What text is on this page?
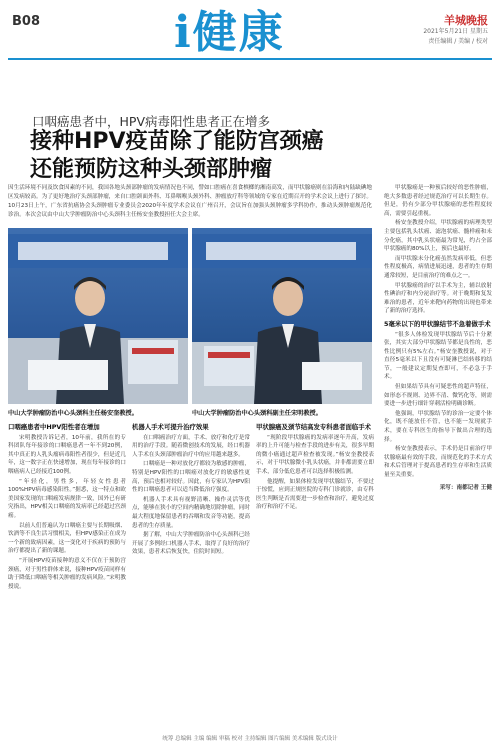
B08	i健康	羊城晚报
2021年5月21日 星期五
责任编辑 / 美编 / 校对
口咽癌患者中，HPV病毒阳性患者正在增多
接种HPV疫苗除了能防宫颈癌
还能预防这种头颈部肿瘤
因生活环境不同及饮食因素的不同，我国各地头颈部肿瘤的发病情况也不同，譬如口腔癌在喜食槟榔的湘南高发，而甲状腺癌则在沿海和内陆缺碘地区发病较高。为了更好地治疗头颈部肿瘤，来自口腔颌面外科、耳鼻咽喉头颈外科、肿瘤放疗科等领域的专家在近期召开的学术会议上进行了探讨。10月23日上午，广东省抗癌协会头颈肿瘤专业委员会2020年年度学术会议在广州召开，会议旨在加强头颈肿瘤多学科协作，推动头颈肿瘤规范化诊治。本次会议由中山大学肿瘤防治中心头颈科主任杨安奎教授担任大会主席。
中山大学肿瘤防治中心头颈科主任杨安奎教授。	中山大学肿瘤防治中心头颈科副主任宋明教授。
口咽癌患者中HPV阳性者在增加

宋明教授告诉记者，10年前，我所在的专科团队每年接诊的口咽癌患者一年不到20例，其中真正的人乳头瘤病毒阳性者很少，但是近几年，这一数字正在快速增加，现在每年接诊的口咽癌病人已经接近100例。

“年轻化，男性多，年轻女性患者100%HPV病毒感染阳性。”据悉，这一特点和欧美国家发现的口咽癌发病规律一致，国外已有研究指出，HPV相关口咽癌的发病率已经超过宫颈癌。

以前人们普遍认为口咽癌主要与长期吸烟、饮酒等不良生活习惯相关，但HPV感染正在成为一个新的致病因素，这一变化对于疾病的预防与治疗都提出了新的课题。

“开展HPV疫苗接种的意义不仅在于预防宫颈癌，对于男性群体来说，接种HPV疫苗同样有助于降低口咽癌等相关肿瘤的发病风险。”宋明教授说。

机器人手术可提升治疗效果

在口咽癌治疗方面，手术、放疗和化疗是常用的治疗手段。随着微创技术的发展，经口机器人手术在头颈部肿瘤治疗中的应用越来越多。

口咽癌是一种对放化疗都较为敏感的肿瘤，特别是HPV阳性的口咽癌对放化疗的敏感性更高，预后也相对较好。因此，有专家认为HPV阳性的口咽癌患者可以适当降低治疗强度。

机器人手术具有视野清晰、操作灵活等优点，能够在狭小的空间内精确地切除肿瘤，同时最大程度地保留患者的吞咽和发音等功能，提高患者的生存质量。

据了解，中山大学肿瘤防治中心头颈科已经开展了多例经口机器人手术，取得了良好的治疗效果，患者术后恢复快，住院时间短。

甲状腺癌及颈节结高发专科患者面临手术

“现阶段甲状腺癌的发病率逐年升高，发病率的上升可能与检查手段的进步有关，很多早期的微小癌通过超声检查被发现。”杨安奎教授表示，对于甲状腺微小乳头状癌，并非都需要立即手术，部分低危患者可以选择积极监测。

他提醒，如果体检发现甲状腺结节，不要过于惊慌，应到正规医院的专科门诊就诊，由专科医生判断是否需要进一步检查和治疗，避免过度治疗和治疗不足。

甲状腺癌是一种预后较好的恶性肿瘤，绝大多数患者经过规范治疗可以长期生存。但是，仍有少部分甲状腺癌的恶性程度较高，需要引起重视。

杨安奎教授介绍，甲状腺癌的病理类型主要包括乳头状癌、滤泡状癌、髓样癌和未分化癌，其中乳头状癌最为常见，约占全部甲状腺癌的80%以上，预后也最好。

而甲状腺未分化癌虽然发病率低，但恶性程度极高，病情进展迅速，患者的生存期通常较短，是目前治疗的难点之一。

甲状腺癌的治疗以手术为主，辅以放射性碘治疗和内分泌治疗等。对于晚期和复发难治的患者，近年来靶向药物的出现也带来了新的治疗选择。

5毫米以下的甲状腺结节不急着做手术

“很多人体检发现甲状腺结节后十分紧张，其实大部分甲状腺结节都是良性的，恶性比例只有5%左右。”杨安奎教授说，对于直径5毫米以下且没有可疑淋巴结转移的结节，一般建议定期复查即可，不必急于手术。

但如果结节具有可疑恶性的超声特征，如形态不规则、边界不清、微钙化等，则需要进一步进行细针穿刺活检明确诊断。

他强调，甲状腺结节的诊治一定要个体化，既不能放任不管，也不能一发现就手术，要在专科医生的指导下做出合理的选择。

杨安奎教授表示，手术仍是目前治疗甲状腺癌最有效的手段，而规范化的手术方式和术后管理对于提高患者的生存率和生活质量至关重要。

采写：南都记者 王健

统筹 总编辑 主编 编辑 审稿 校对 主持编辑 图片编辑 美术编辑 版式设计
